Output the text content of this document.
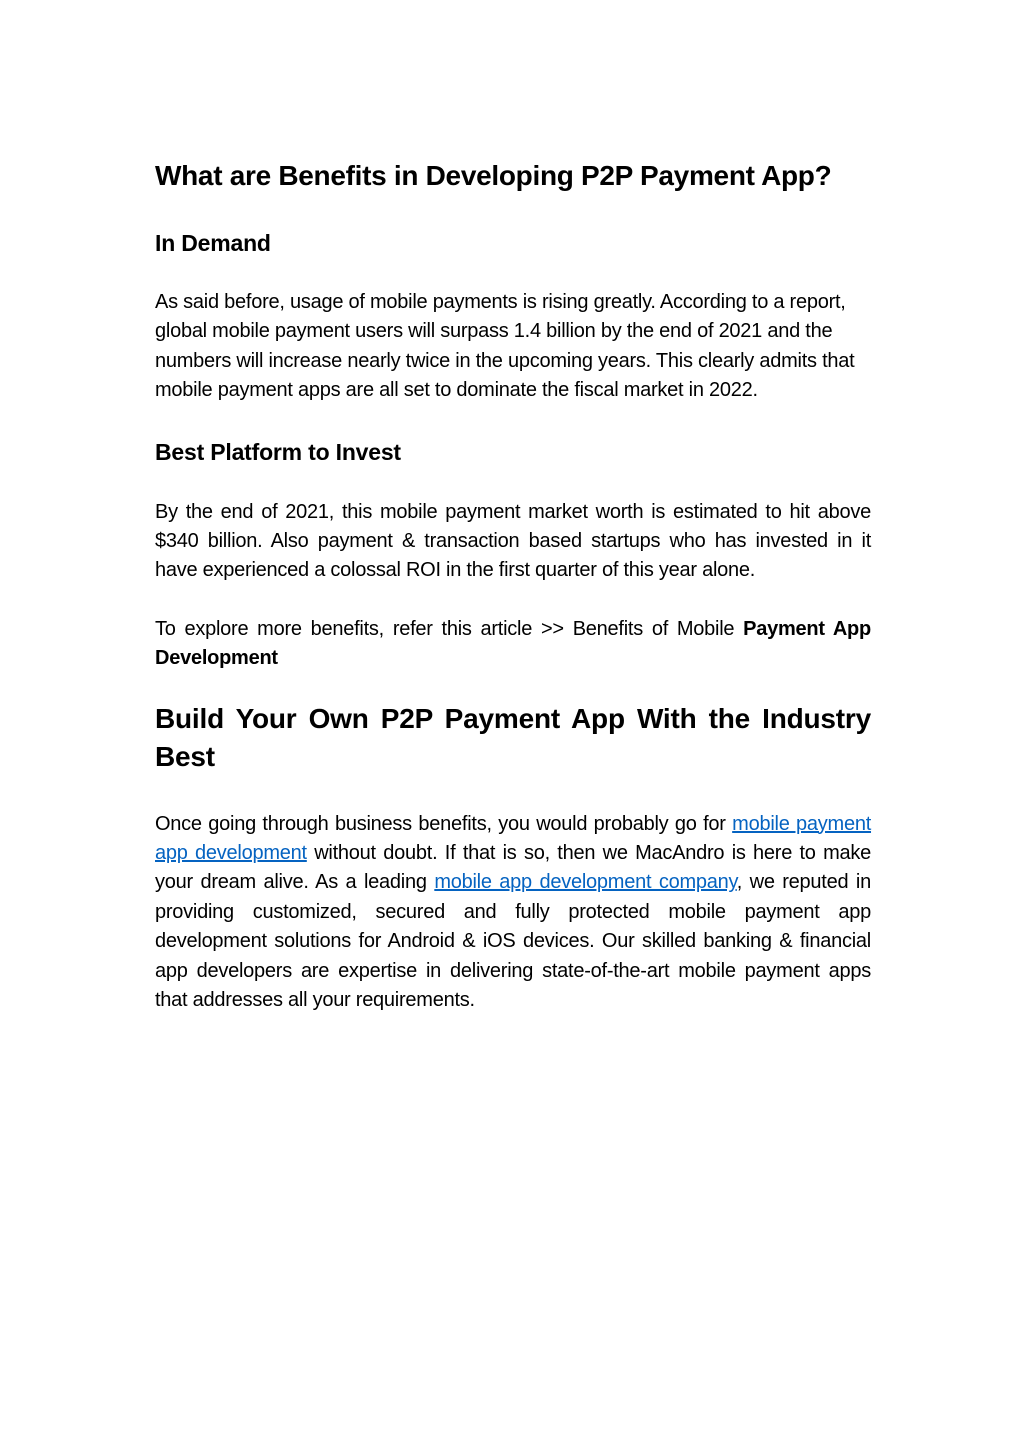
What are Benefits in Developing P2P Payment App?
In Demand

As said before, usage of mobile payments is rising greatly. According to a report, global mobile payment users will surpass 1.4 billion by the end of 2021 and the numbers will increase nearly twice in the upcoming years. This clearly admits that mobile payment apps are all set to dominate the fiscal market in 2022.

Best Platform to Invest

By the end of 2021, this mobile payment market worth is estimated to hit above $340 billion. Also payment & transaction based startups who has invested in it have experienced a colossal ROI in the first quarter of this year alone.

To explore more benefits, refer this article >> Benefits of Mobile Payment App Development

Build Your Own P2P Payment App With the Industry Best

Once going through business benefits, you would probably go for mobile payment app development without doubt. If that is so, then we MacAndro is here to make your dream alive. As a leading mobile app development company, we reputed in providing customized, secured and fully protected mobile payment app development solutions for Android & iOS devices. Our skilled banking & financial app developers are expertise in delivering state-of-the-art mobile payment apps that addresses all your requirements.
